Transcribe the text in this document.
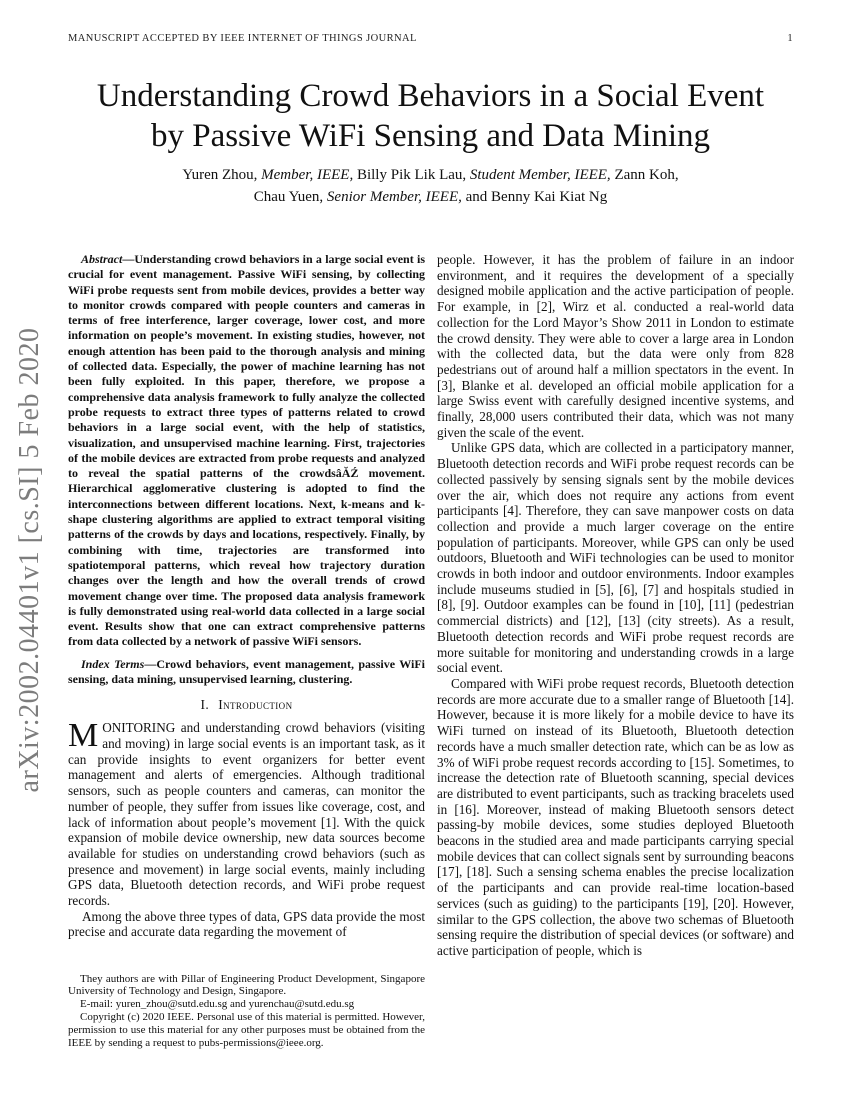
MANUSCRIPT ACCEPTED BY IEEE INTERNET OF THINGS JOURNAL	1
arXiv:2002.04401v1 [cs.SI] 5 Feb 2020
Understanding Crowd Behaviors in a Social Event
by Passive WiFi Sensing and Data Mining
Yuren Zhou, Member, IEEE, Billy Pik Lik Lau, Student Member, IEEE, Zann Koh,
Chau Yuen, Senior Member, IEEE, and Benny Kai Kiat Ng

Abstract—Understanding crowd behaviors in a large social event is crucial for event management. Passive WiFi sensing, by collecting WiFi probe requests sent from mobile devices, provides a better way to monitor crowds compared with people counters and cameras in terms of free interference, larger coverage, lower cost, and more information on people’s movement. In existing studies, however, not enough attention has been paid to the thorough analysis and mining of collected data. Especially, the power of machine learning has not been fully exploited. In this paper, therefore, we propose a comprehensive data analysis framework to fully analyze the collected probe requests to extract three types of patterns related to crowd behaviors in a large social event, with the help of statistics, visualization, and unsupervised machine learning. First, trajectories of the mobile devices are extracted from probe requests and analyzed to reveal the spatial patterns of the crowdsâĂŹ movement. Hierarchical agglomerative clustering is adopted to find the interconnections between different locations. Next, k-means and k-shape clustering algorithms are applied to extract temporal visiting patterns of the crowds by days and locations, respectively. Finally, by combining with time, trajectories are transformed into spatiotemporal patterns, which reveal how trajectory duration changes over the length and how the overall trends of crowd movement change over time. The proposed data analysis framework is fully demonstrated using real-world data collected in a large social event. Results show that one can extract comprehensive patterns from data collected by a network of passive WiFi sensors.

Index Terms—Crowd behaviors, event management, passive WiFi sensing, data mining, unsupervised learning, clustering.

I. Introduction

MONITORING and understanding crowd behaviors (visiting and moving) in large social events is an important task, as it can provide insights to event organizers for better event management and alerts of emergencies. Although traditional sensors, such as people counters and cameras, can monitor the number of people, they suffer from issues like coverage, cost, and lack of information about people’s movement [1]. With the quick expansion of mobile device ownership, new data sources become available for studies on understanding crowd behaviors (such as presence and movement) in large social events, mainly including GPS data, Bluetooth detection records, and WiFi probe request records.

Among the above three types of data, GPS data provide the most precise and accurate data regarding the movement of

They authors are with Pillar of Engineering Product Development, Singapore University of Technology and Design, Singapore.

E-mail: yuren_zhou@sutd.edu.sg and yurenchau@sutd.edu.sg

Copyright (c) 2020 IEEE. Personal use of this material is permitted. However, permission to use this material for any other purposes must be obtained from the IEEE by sending a request to pubs-permissions@ieee.org.

people. However, it has the problem of failure in an indoor environment, and it requires the development of a specially designed mobile application and the active participation of people. For example, in [2], Wirz et al. conducted a real-world data collection for the Lord Mayor’s Show 2011 in London to estimate the crowd density. They were able to cover a large area in London with the collected data, but the data were only from 828 pedestrians out of around half a million spectators in the event. In [3], Blanke et al. developed an official mobile application for a large Swiss event with carefully designed incentive systems, and finally, 28,000 users contributed their data, which was not many given the scale of the event.

Unlike GPS data, which are collected in a participatory manner, Bluetooth detection records and WiFi probe request records can be collected passively by sensing signals sent by the mobile devices over the air, which does not require any actions from event participants [4]. Therefore, they can save manpower costs on data collection and provide a much larger coverage on the entire population of participants. Moreover, while GPS can only be used outdoors, Bluetooth and WiFi technologies can be used to monitor crowds in both indoor and outdoor environments. Indoor examples include museums studied in [5], [6], [7] and hospitals studied in [8], [9]. Outdoor examples can be found in [10], [11] (pedestrian commercial districts) and [12], [13] (city streets). As a result, Bluetooth detection records and WiFi probe request records are more suitable for monitoring and understanding crowds in a large social event.

Compared with WiFi probe request records, Bluetooth detection records are more accurate due to a smaller range of Bluetooth [14]. However, because it is more likely for a mobile device to have its WiFi turned on instead of its Bluetooth, Bluetooth detection records have a much smaller detection rate, which can be as low as 3% of WiFi probe request records according to [15]. Sometimes, to increase the detection rate of Bluetooth scanning, special devices are distributed to event participants, such as tracking bracelets used in [16]. Moreover, instead of making Bluetooth sensors detect passing-by mobile devices, some studies deployed Bluetooth beacons in the studied area and made participants carrying special mobile devices that can collect signals sent by surrounding beacons [17], [18]. Such a sensing schema enables the precise localization of the participants and can provide real-time location-based services (such as guiding) to the participants [19], [20]. However, similar to the GPS collection, the above two schemas of Bluetooth sensing require the distribution of special devices (or software) and active participation of people, which is
